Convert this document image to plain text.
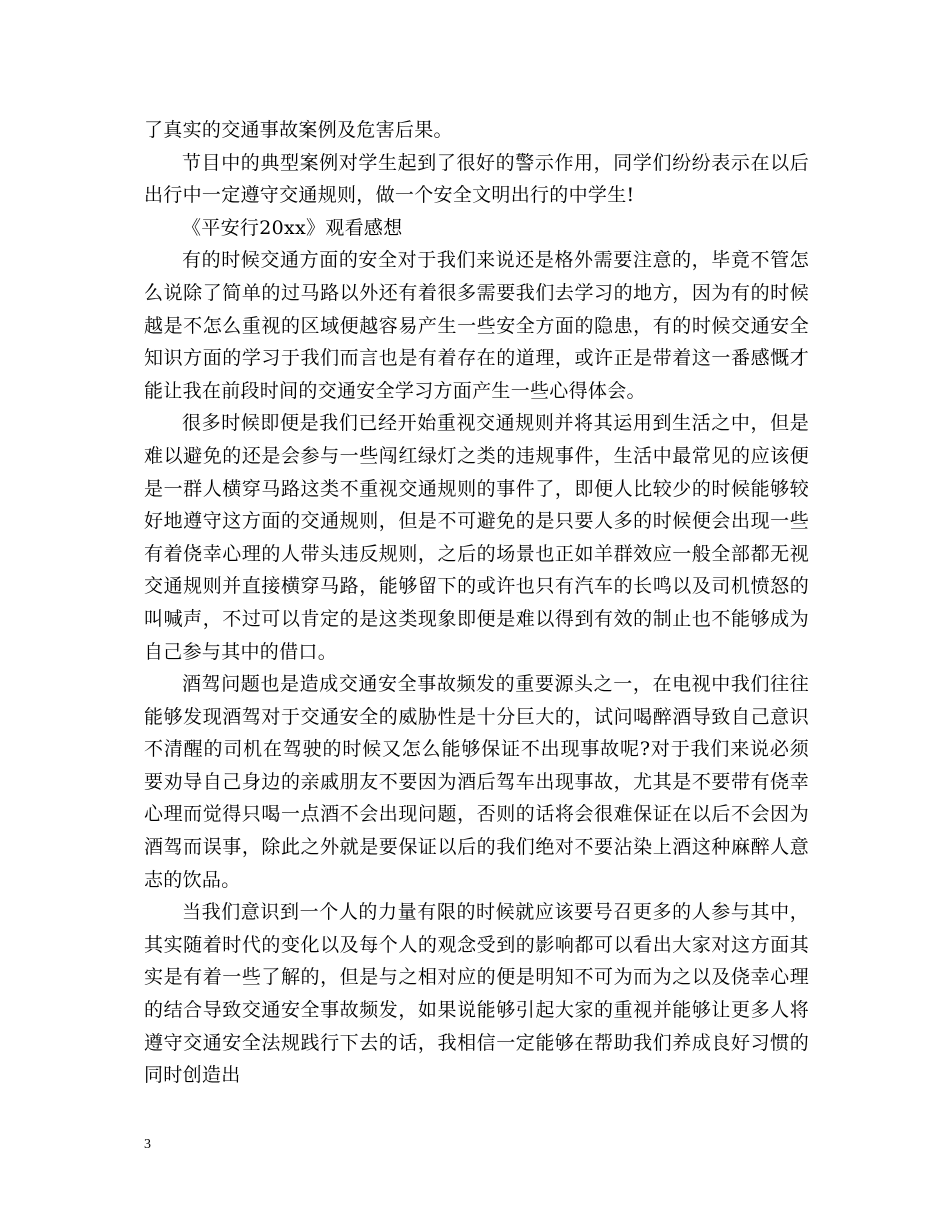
了真实的交通事故案例及危害后果。

节目中的典型案例对学生起到了很好的警示作用，同学们纷纷表示在以后出行中一定遵守交通规则，做一个安全文明出行的中学生!

《平安行20xx》观看感想

有的时候交通方面的安全对于我们来说还是格外需要注意的，毕竟不管怎么说除了简单的过马路以外还有着很多需要我们去学习的地方，因为有的时候越是不怎么重视的区域便越容易产生一些安全方面的隐患，有的时候交通安全知识方面的学习于我们而言也是有着存在的道理，或许正是带着这一番感慨才能让我在前段时间的交通安全学习方面产生一些心得体会。

很多时候即便是我们已经开始重视交通规则并将其运用到生活之中，但是难以避免的还是会参与一些闯红绿灯之类的违规事件，生活中最常见的应该便是一群人横穿马路这类不重视交通规则的事件了，即便人比较少的时候能够较好地遵守这方面的交通规则，但是不可避免的是只要人多的时候便会出现一些有着侥幸心理的人带头违反规则，之后的场景也正如羊群效应一般全部都无视交通规则并直接横穿马路，能够留下的或许也只有汽车的长鸣以及司机愤怒的叫喊声，不过可以肯定的是这类现象即便是难以得到有效的制止也不能够成为自己参与其中的借口。

酒驾问题也是造成交通安全事故频发的重要源头之一，在电视中我们往往能够发现酒驾对于交通安全的威胁性是十分巨大的，试问喝醉酒导致自己意识不清醒的司机在驾驶的时候又怎么能够保证不出现事故呢?对于我们来说必须要劝导自己身边的亲戚朋友不要因为酒后驾车出现事故，尤其是不要带有侥幸心理而觉得只喝一点酒不会出现问题，否则的话将会很难保证在以后不会因为酒驾而误事，除此之外就是要保证以后的我们绝对不要沾染上酒这种麻醉人意志的饮品。

当我们意识到一个人的力量有限的时候就应该要号召更多的人参与其中，其实随着时代的变化以及每个人的观念受到的影响都可以看出大家对这方面其实是有着一些了解的，但是与之相对应的便是明知不可为而为之以及侥幸心理的结合导致交通安全事故频发，如果说能够引起大家的重视并能够让更多人将遵守交通安全法规践行下去的话，我相信一定能够在帮助我们养成良好习惯的同时创造出

3
